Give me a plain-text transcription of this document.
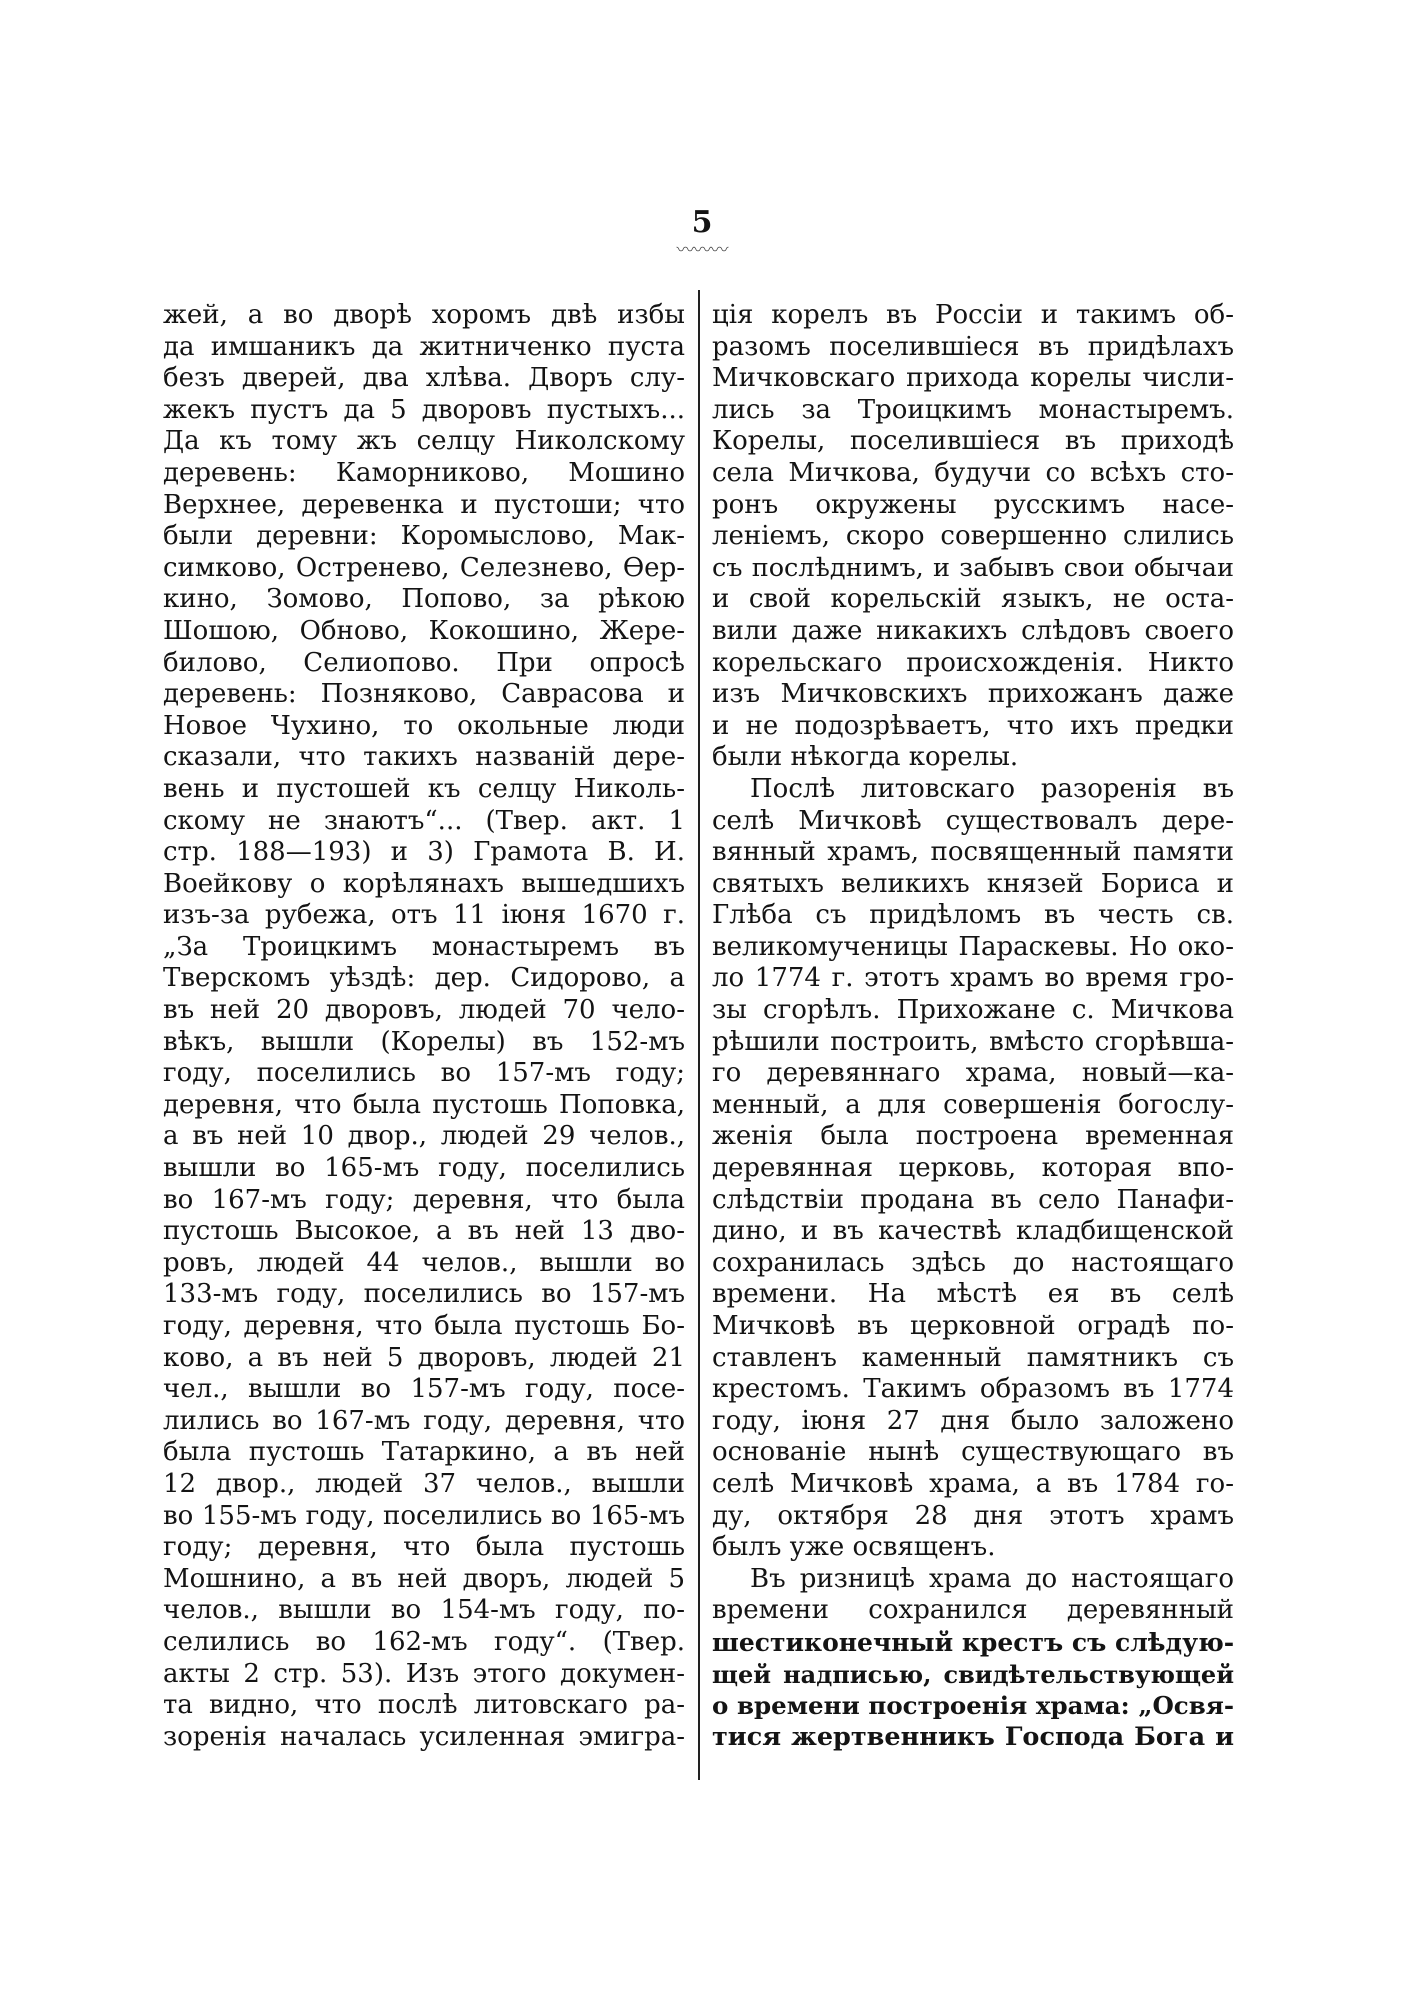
5
〰〰〰
жей, а во дворѣ хоромъ двѣ избы
да имшаникъ да житниченко пуста
безъ дверей, два хлѣва. Дворъ слу-
жекъ пустъ да 5 дворовъ пустыхъ...
Да къ тому жъ селцу Николскому
деревень: Каморниково, Мошино
Верхнее, деревенка и пустоши; что
были деревни: Коромыслово, Мак-
симково, Остренево, Селезнево, Өер-
кино, Зомово, Попово, за рѣкою
Шошою, Обново, Кокошино, Жере-
билово, Селиопово. При опросѣ
деревень: Позняково, Саврасова и
Новое Чухино, то окольные люди
сказали, что такихъ названій дере-
вень и пустошей къ селцу Николь-
скому не знаютъ“... (Твер. акт. 1
стр. 188—193) и 3) Грамота В. И.
Воейкову о корѣлянахъ вышедшихъ
изъ-за рубежа, отъ 11 іюня 1670 г.
„За Троицкимъ монастыремъ въ
Тверскомъ уѣздѣ: дер. Сидорово, а
въ ней 20 дворовъ, людей 70 чело-
вѣкъ, вышли (Корелы) въ 152-мъ
году, поселились во 157-мъ году;
деревня, что была пустошь Поповка,
а въ ней 10 двор., людей 29 челов.,
вышли во 165-мъ году, поселились
во 167-мъ году; деревня, что была
пустошь Высокое, а въ ней 13 дво-
ровъ, людей 44 челов., вышли во
133-мъ году, поселились во 157-мъ
году, деревня, что была пустошь Бо-
ково, а въ ней 5 дворовъ, людей 21
чел., вышли во 157-мъ году, посе-
лились во 167-мъ году, деревня, что
была пустошь Татаркино, а въ ней
12 двор., людей 37 челов., вышли
во 155-мъ году, поселились во 165-мъ
году; деревня, что была пустошь
Мошнино, а въ ней дворъ, людей 5
челов., вышли во 154-мъ году, по-
селились во 162-мъ году“. (Твер.
акты 2 стр. 53). Изъ этого докумен-
та видно, что послѣ литовскаго ра-
зоренія началась усиленная эмигра-
ція корелъ въ Россіи и такимъ об-
разомъ поселившіеся въ придѣлахъ
Мичковскаго прихода корелы числи-
лись за Троицкимъ монастыремъ.
Корелы, поселившіеся въ приходѣ
села Мичкова, будучи со всѣхъ сто-
ронъ окружены русскимъ насе-
леніемъ, скоро совершенно слились
съ послѣднимъ, и забывъ свои обычаи
и свой корельскій языкъ, не оста-
вили даже никакихъ слѣдовъ своего
корельскаго происхожденія. Никто
изъ Мичковскихъ прихожанъ даже
и не подозрѣваетъ, что ихъ предки
были нѣкогда корелы.
Послѣ литовскаго разоренія въ
селѣ Мичковѣ существовалъ дере-
вянный храмъ, посвященный памяти
святыхъ великихъ князей Бориса и
Глѣба съ придѣломъ въ честь св.
великомученицы Параскевы. Но око-
ло 1774 г. этотъ храмъ во время гро-
зы сгорѣлъ. Прихожане с. Мичкова
рѣшили построить, вмѣсто сгорѣвша-
го деревяннаго храма, новый—ка-
менный, а для совершенія богослу-
женія была построена временная
деревянная церковь, которая впо-
слѣдствіи продана въ село Панафи-
дино, и въ качествѣ кладбищенской
сохранилась здѣсь до настоящаго
времени. На мѣстѣ ея въ селѣ
Мичковѣ въ церковной оградѣ по-
ставленъ каменный памятникъ съ
крестомъ. Такимъ образомъ въ 1774
году, іюня 27 дня было заложено
основаніе нынѣ существующаго въ
селѣ Мичковѣ храма, а въ 1784 го-
ду, октября 28 дня этотъ храмъ
былъ уже освященъ.
Въ ризницѣ храма до настоящаго
времени сохранился деревянный
шестиконечный крестъ съ слѣдую-
щей надписью, свидѣтельствующей
о времени построенія храма: „Освя-
тися жертвенникъ Господа Бога и
